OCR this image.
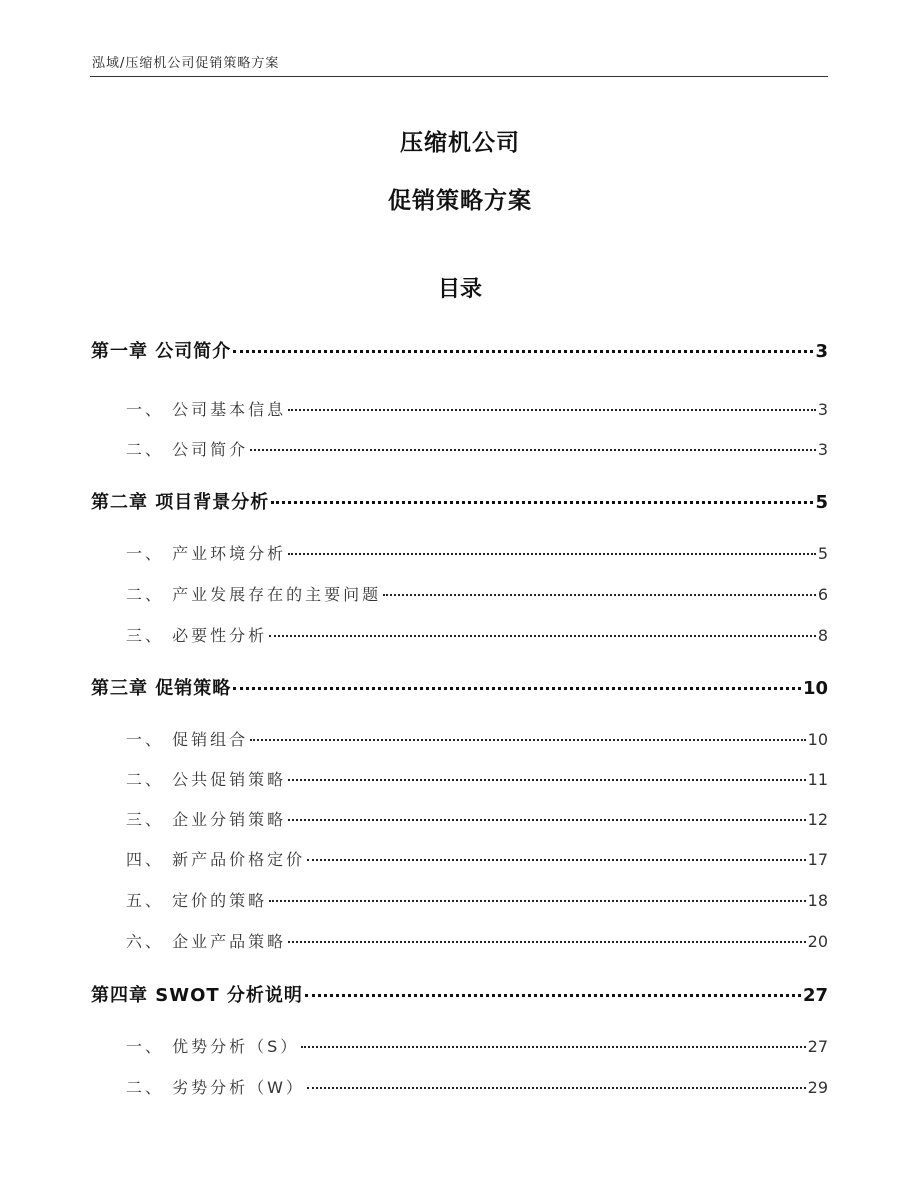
泓域/压缩机公司促销策略方案
压缩机公司
促销策略方案
目录
第一章 公司简介	3
一、 公司基本信息	3
二、 公司简介	3
第二章 项目背景分析	5
一、 产业环境分析	5
二、 产业发展存在的主要问题	6
三、 必要性分析	8
第三章 促销策略	10
一、 促销组合	10
二、 公共促销策略	11
三、 企业分销策略	12
四、 新产品价格定价	17
五、 定价的策略	18
六、 企业产品策略	20
第四章 SWOT 分析说明	27
一、 优势分析（S）	27
二、 劣势分析（W）	29
